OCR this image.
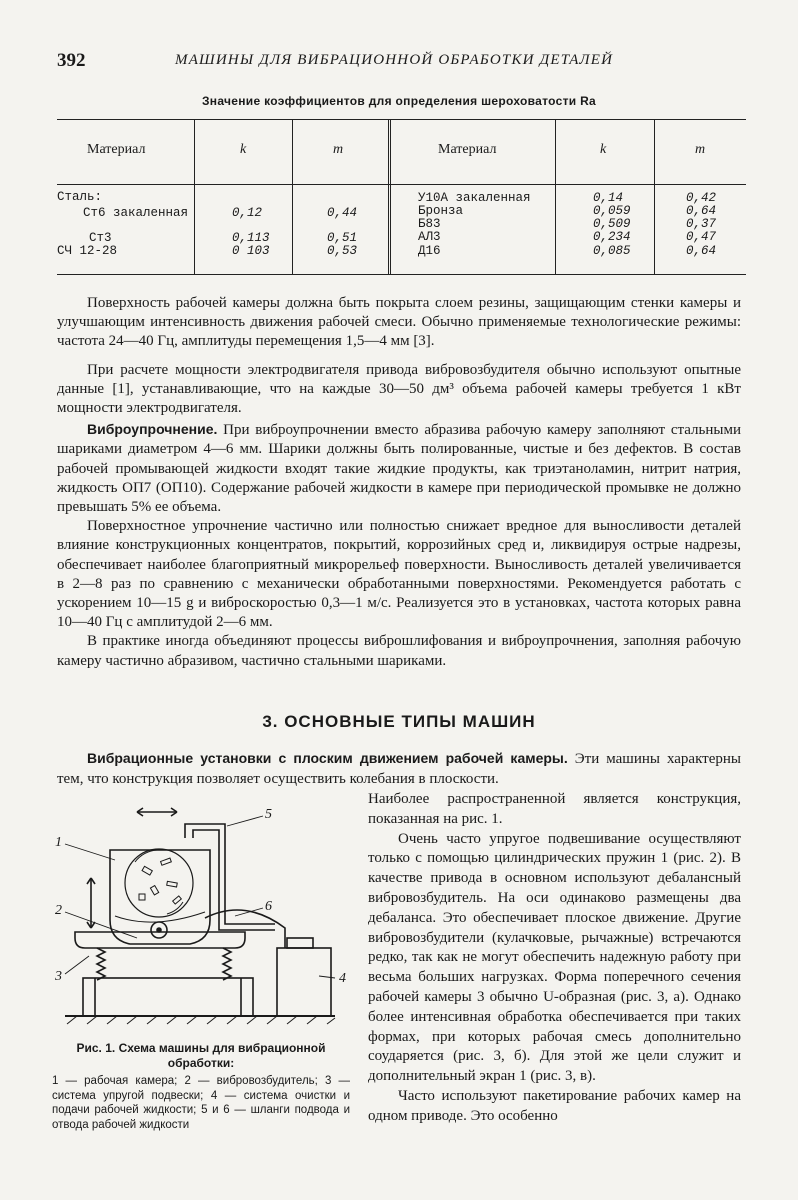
392	МАШИНЫ ДЛЯ ВИБРАЦИОННОЙ ОБРАБОТКИ ДЕТАЛЕЙ
Значение коэффициентов для определения шероховатости Ra
Материал	k	m	Материал	k	m
Сталь:
Ст6 закаленная	0,12	0,44
Ст3	0,113	0,51
СЧ 12-28	0 103	0,53
У10А закаленная	0,14	0,42
Бронза	0,059	0,64
Б83	0,509	0,37
АЛ3	0,234	0,47
Д16	0,085	0,64

Поверхность рабочей камеры должна быть покрыта слоем резины, защищающим стенки камеры и улучшающим интенсивность движения рабочей смеси. Обычно применяемые технологические режимы: частота 24—40 Гц, амплитуды перемещения 1,5—4 мм [3].

При расчете мощности электродвигателя привода вибровозбудителя обычно используют опытные данные [1], устанавливающие, что на каждые 30—50 дм³ объема рабочей камеры требуется 1 кВт мощности электродвигателя.

Виброупрочнение. При виброупрочнении вместо абразива рабочую камеру заполняют стальными шариками диаметром 4—6 мм. Шарики должны быть полированные, чистые и без дефектов. В состав рабочей промывающей жидкости входят такие жидкие продукты, как триэтаноламин, нитрит натрия, жидкость ОП7 (ОП10). Содержание рабочей жидкости в камере при периодической промывке не должно превышать 5% ее объема.

Поверхностное упрочнение частично или полностью снижает вредное для выносливости деталей влияние конструкционных концентратов, покрытий, коррозийных сред и, ликвидируя острые надрезы, обеспечивает наиболее благоприятный микрорельеф поверхности. Выносливость деталей увеличивается в 2—8 раз по сравнению с механически обработанными поверхностями. Рекомендуется работать с ускорением 10—15 g и виброскоростью 0,3—1 м/с. Реализуется это в установках, частота которых равна 10—40 Гц с амплитудой 2—6 мм.

В практике иногда объединяют процессы виброшлифования и виброупрочнения, заполняя рабочую камеру частично абразивом, частично стальными шариками.

3. ОСНОВНЫЕ ТИПЫ МАШИН

Вибрационные установки с плоским движением рабочей камеры. Эти машины характерны тем, что конструкция позволяет осуществить колебания в плоскости.

Наиболее распространенной является конструкция, показанная на рис. 1.

Очень часто упругое подвешивание осуществляют только с помощью цилиндрических пружин 1 (рис. 2). В качестве привода в основном используют дебалансный вибровозбудитель. На оси одинаково размещены два дебаланса. Это обеспечивает плоское движение. Другие вибровозбудители (кулачковые, рычажные) встречаются редко, так как не могут обеспечить надежную работу при весьма больших нагрузках. Форма поперечного сечения рабочей камеры 3 обычно U-образная (рис. 3, а). Однако более интенсивная обработка обеспечивается при таких формах, при которых рабочая смесь дополнительно соударяется (рис. 3, б). Для этой же цели служит и дополнительный экран 1 (рис. 3, в).

Часто используют пакетирование рабочих камер на одном приводе. Это особенно

1
2
3	4
5
6
Рис. 1. Схема машины для вибрационной обработки:
1 — рабочая камера; 2 — вибровозбудитель; 3 — система упругой подвески; 4 — система очистки и подачи рабочей жидкости; 5 и 6 — шланги подвода и отвода рабочей жидкости
